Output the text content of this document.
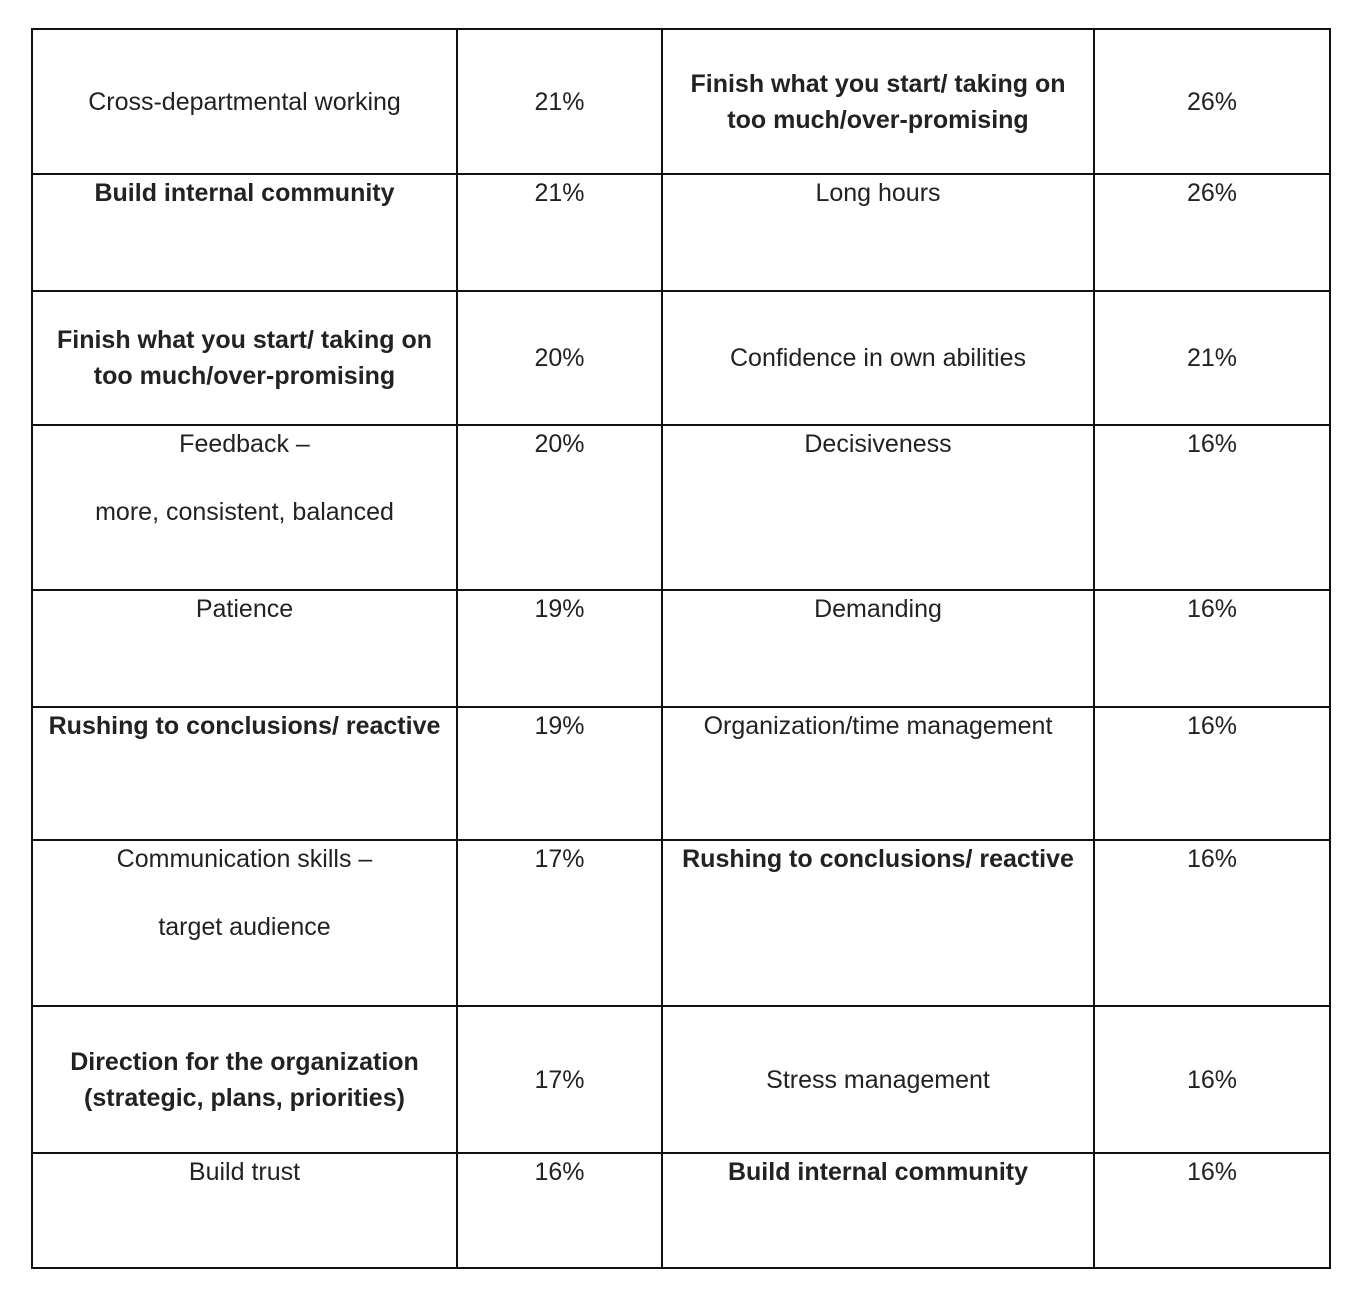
Cross-departmental working	21%	Finish what you start/ taking on too much/over-promising	26%
Build internal community	21%	Long hours	26%
Finish what you start/ taking on too much/over-promising	20%	Confidence in own abilities	21%

Feedback –
more, consistent, balanced	20%	Decisiveness	16%
Patience	19%	Demanding	16%
Rushing to conclusions/ reactive	19%	Organization/time management	16%

Communication skills –
target audience	17%	Rushing to conclusions/ reactive	16%
Direction for the organization (strategic, plans, priorities)	17%	Stress management	16%
Build trust	16%	Build internal community	16%
